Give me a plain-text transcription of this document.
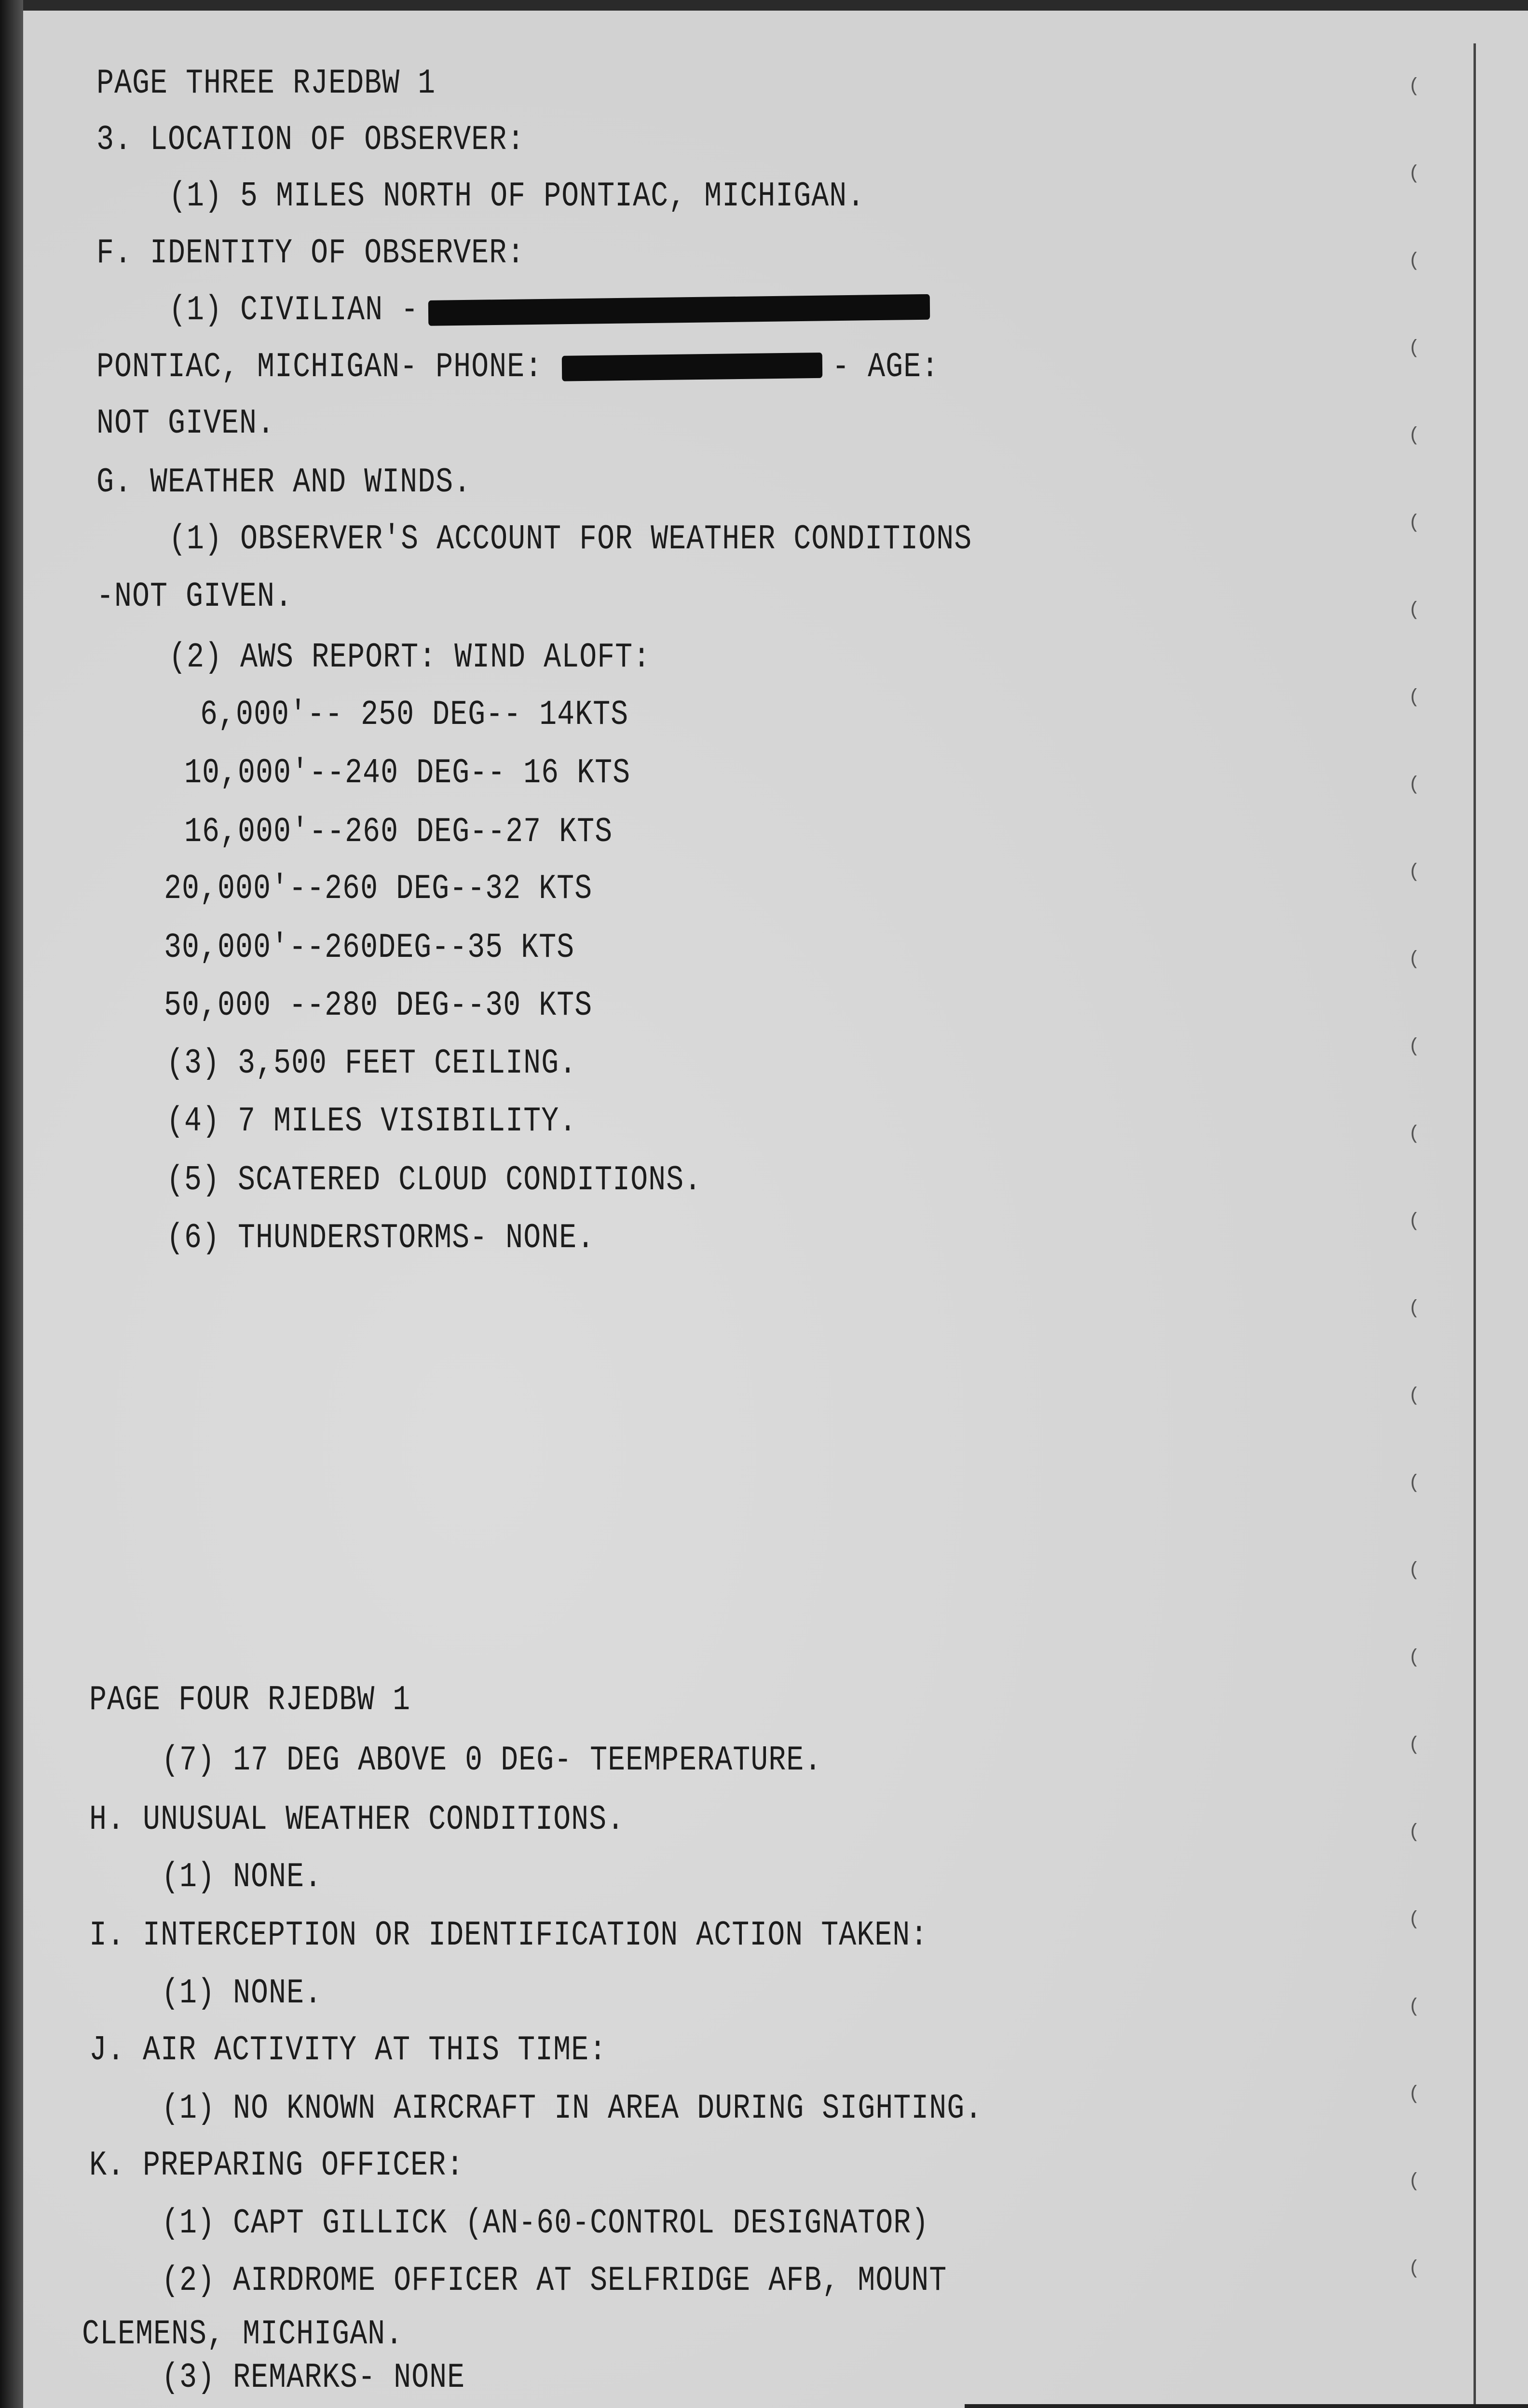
PAGE THREE RJEDBW 1
3. LOCATION OF OBSERVER:
(1) 5 MILES NORTH OF PONTIAC, MICHIGAN.
F. IDENTITY OF OBSERVER:
(1) CIVILIAN -
PONTIAC, MICHIGAN- PHONE:	- AGE:
NOT GIVEN.
G. WEATHER AND WINDS.
(1) OBSERVER'S ACCOUNT FOR WEATHER CONDITIONS
-NOT GIVEN.
(2) AWS REPORT: WIND ALOFT:
6,000'-- 250 DEG-- 14KTS
10,000'--240 DEG-- 16 KTS
16,000'--260 DEG--27 KTS
20,000'--260 DEG--32 KTS
30,000'--260DEG--35 KTS
50,000 --280 DEG--30 KTS
(3) 3,500 FEET CEILING.
(4) 7 MILES VISIBILITY.
(5) SCATERED CLOUD CONDITIONS.
(6) THUNDERSTORMS- NONE.
PAGE FOUR RJEDBW 1
(7) 17 DEG ABOVE 0 DEG- TEEMPERATURE.
H. UNUSUAL WEATHER CONDITIONS.
(1) NONE.
I. INTERCEPTION OR IDENTIFICATION ACTION TAKEN:
(1) NONE.
J. AIR ACTIVITY AT THIS TIME:
(1) NO KNOWN AIRCRAFT IN AREA DURING SIGHTING.
K. PREPARING OFFICER:
(1) CAPT GILLICK (AN-60-CONTROL DESIGNATOR)
(2) AIRDROME OFFICER AT SELFRIDGE AFB, MOUNT
CLEMENS, MICHIGAN.
(3) REMARKS- NONE
(
(
(
(
(
(
(
(
(
(
(
(
(
(
(
(
(
(
(
(
(
(
(
(
(
(
